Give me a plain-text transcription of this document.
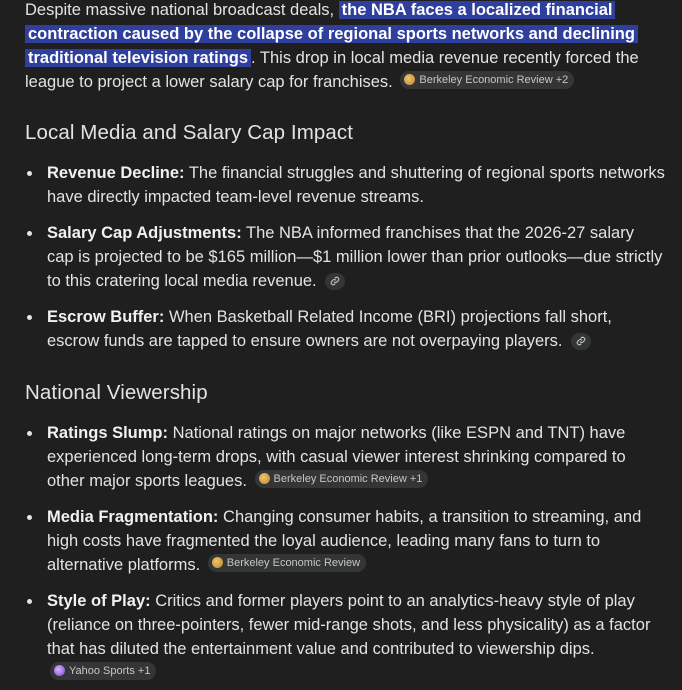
Despite massive national broadcast deals, the NBA faces a localized financial contraction caused by the collapse of regional sports networks and declining traditional television ratings . This drop in local media revenue recently forced the league to project a lower salary cap for franchises. Berkeley Economic Review +2

Local Media and Salary Cap Impact
Revenue Decline: The financial struggles and shuttering of regional sports networks have directly impacted team-level revenue streams.
Salary Cap Adjustments: The NBA informed franchises that the 2026-27 salary cap is projected to be $165 million—$1 million lower than prior outlooks—due strictly to this cratering local media revenue.
Escrow Buffer: When Basketball Related Income (BRI) projections fall short, escrow funds are tapped to ensure owners are not overpaying players.
National Viewership
Ratings Slump: National ratings on major networks (like ESPN and TNT) have experienced long-term drops, with casual viewer interest shrinking compared to other major sports leagues. Berkeley Economic Review +1
Media Fragmentation: Changing consumer habits, a transition to streaming, and high costs have fragmented the loyal audience, leading many fans to turn to alternative platforms. Berkeley Economic Review
Style of Play: Critics and former players point to an analytics-heavy style of play (reliance on three-pointers, fewer mid-range shots, and less physicality) as a factor that has diluted the entertainment value and contributed to viewership dips.
Yahoo Sports +1
